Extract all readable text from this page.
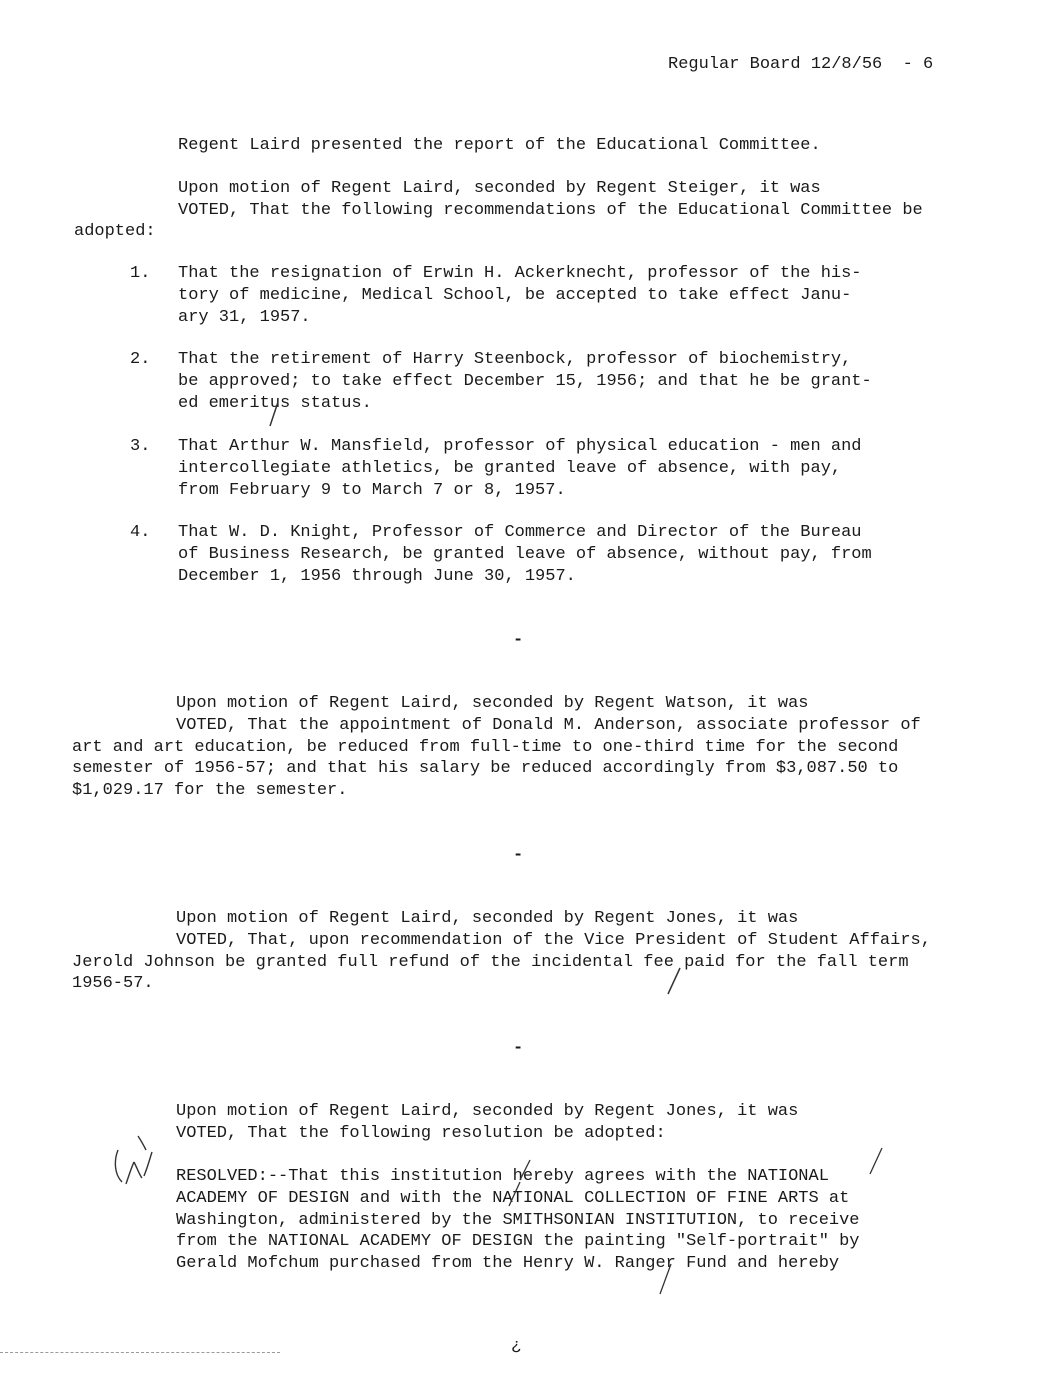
Regular Board 12/8/56  - 6
Regent Laird presented the report of the Educational Committee.
Upon motion of Regent Laird, seconded by Regent Steiger, it was
VOTED, That the following recommendations of the Educational Committee be
adopted:
1. That the resignation of Erwin H. Ackerknecht, professor of the his-
tory of medicine, Medical School, be accepted to take effect Janu-
ary 31, 1957.
2. That the retirement of Harry Steenbock, professor of biochemistry,
be approved; to take effect December 15, 1956; and that he be grant-
ed emeritus status.
3. That Arthur W. Mansfield, professor of physical education - men and
intercollegiate athletics, be granted leave of absence, with pay,
from February 9 to March 7 or 8, 1957.
4. That W. D. Knight, Professor of Commerce and Director of the Bureau
of Business Research, be granted leave of absence, without pay, from
December 1, 1956 through June 30, 1957.
-
Upon motion of Regent Laird, seconded by Regent Watson, it was
VOTED, That the appointment of Donald M. Anderson, associate professor of
art and art education, be reduced from full-time to one-third time for the second
semester of 1956-57; and that his salary be reduced accordingly from $3,087.50 to
$1,029.17 for the semester.
-
Upon motion of Regent Laird, seconded by Regent Jones, it was
VOTED, That, upon recommendation of the Vice President of Student Affairs,
Jerold Johnson be granted full refund of the incidental fee paid for the fall term
1956-57.
-
Upon motion of Regent Laird, seconded by Regent Jones, it was
VOTED, That the following resolution be adopted:
RESOLVED:--That this institution hereby agrees with the NATIONAL
ACADEMY OF DESIGN and with the NATIONAL COLLECTION OF FINE ARTS at
Washington, administered by the SMITHSONIAN INSTITUTION, to receive
from the NATIONAL ACADEMY OF DESIGN the painting "Self-portrait" by
Gerald Mofchum purchased from the Henry W. Ranger Fund and hereby
¿
